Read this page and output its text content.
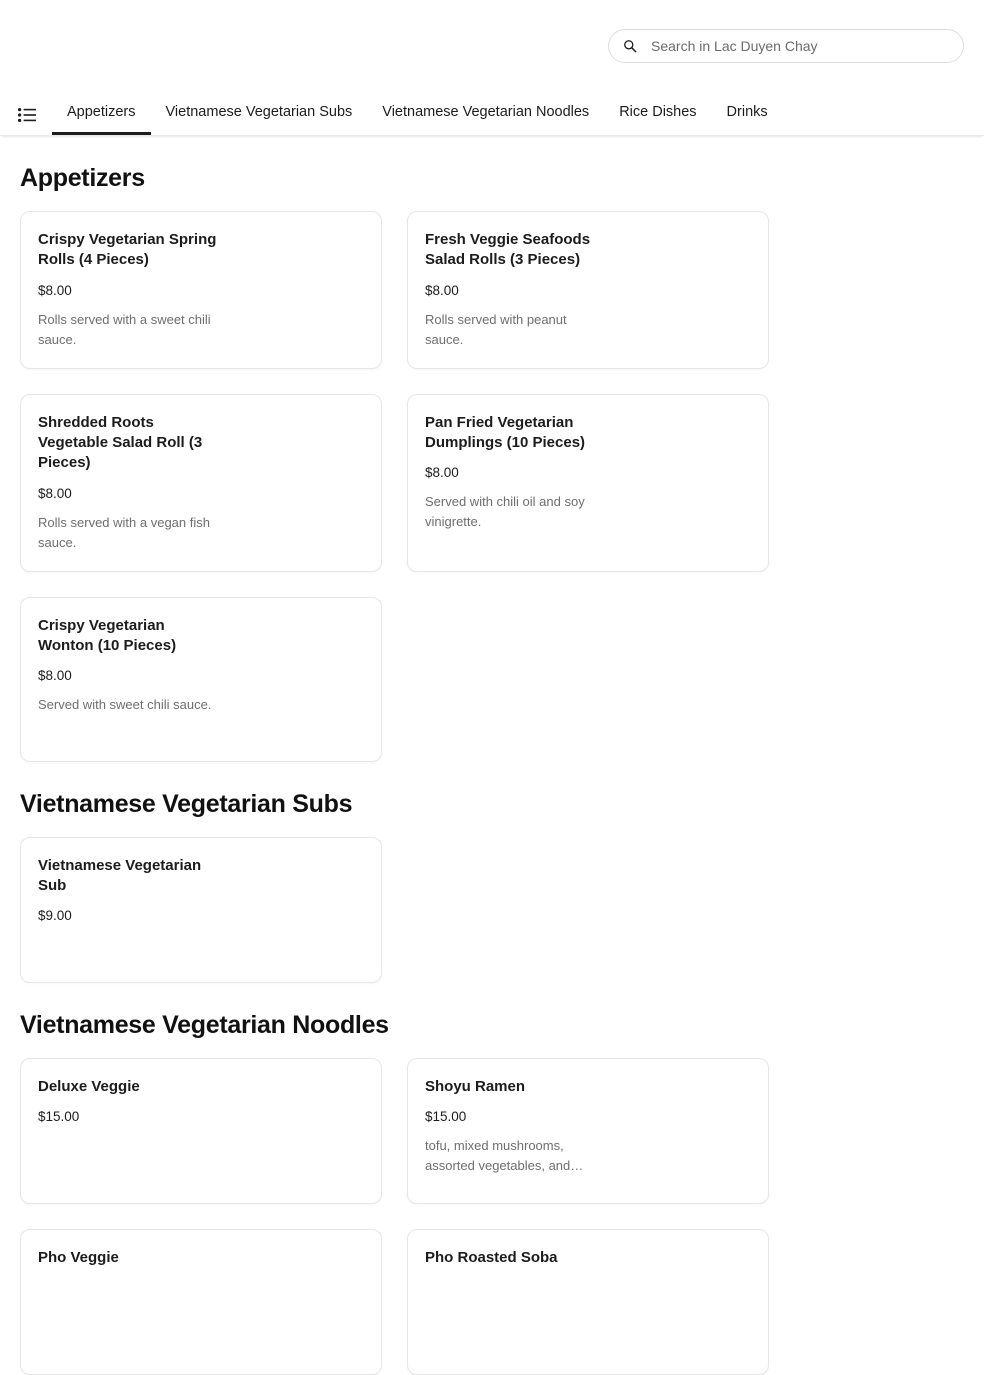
Search in Lac Duyen Chay
Appetizers	Vietnamese Vegetarian Subs	Vietnamese Vegetarian Noodles	Rice Dishes	Drinks
Appetizers
Crispy Vegetarian Spring Rolls (4 Pieces)
$8.00
Rolls served with a sweet chili sauce.
Fresh Veggie Seafoods Salad Rolls (3 Pieces)
$8.00
Rolls served with peanut sauce.
Shredded Roots Vegetable Salad Roll (3 Pieces)
$8.00
Rolls served with a vegan fish sauce.
Pan Fried Vegetarian Dumplings (10 Pieces)
$8.00
Served with chili oil and soy vinigrette.
Crispy Vegetarian Wonton (10 Pieces)
$8.00
Served with sweet chili sauce.
Vietnamese Vegetarian Subs
Vietnamese Vegetarian Sub
$9.00
Vietnamese Vegetarian Noodles
Deluxe Veggie
$15.00
Shoyu Ramen
$15.00
tofu, mixed mushrooms, assorted vegetables, and…
Pho Veggie	Pho Roasted Soba
